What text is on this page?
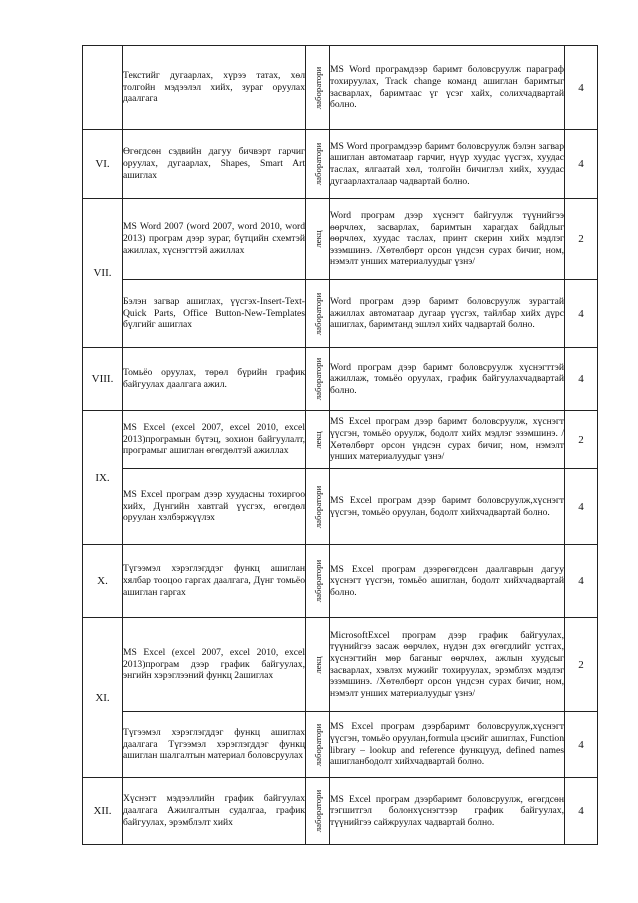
	Текстийг дугаарлах, хүрээ татах, хөл толгойн мэдээлэл хийх, зураг оруулах даалгага	лаборатори	MS Word програмдээр баримт боловсруулж параграф тохируулах, Track change команд ашиглан баримтыг засварлах, баримтаас үг үсэг хайх, солихчадвартай болно.	4
VI.	Өгөгдсөн сэдвийн дагуу бичвэрт гарчиг оруулах, дугаарлах, Shapes, Smart Art ашиглах	лаборатори	MS Word програмдээр баримт боловсруулж бэлэн загвар ашиглан автоматаар гарчиг, нүүр хуудас үүсгэх, хуудас таслах, ялгаатай хөл, толгойн бичиглэл хийх, хуудас дугаарлахталаар чадвартай болно.	4
VII.	MS Word 2007 (word 2007, word 2010, word 2013) програм дээр зураг, бүтцийн схемтэй ажиллах, хүснэгттэй ажиллах	лекц	Word програм дээр хүснэгт байгуулж түүнийгээ өөрчлөх, засварлах, баримтын харагдах байдлыг өөрчлөх, хуудас таслах, принт скерин хийх мэдлэг эзэмшинэ. /Хөтөлбөрт орсон үндсэн сурах бичиг, ном, нэмэлт унших материалуудыг үзнэ/	2
	Бэлэн загвар ашиглах, үүсгэх-Insert-Text-Quick Parts, Office Button-New-Templates бүлгийг ашиглах	лаборатори	Word програм дээр баримт боловсруулж зурагтай ажиллах автоматаар дугаар үүсгэх, тайлбар хийх дүрс ашиглах, баримтанд эшлэл хийх чадвартай болно.	4
VIII.	Томьёо оруулах, төрөл бүрийн график байгуулах даалгага ажил.	лаборатори	Word програм дээр баримт боловсруулж хүснэгттэй ажиллаж, томьёо оруулах, график байгуулахчадвартай болно.	4
IX.	MS Excel (excel 2007, excel 2010, excel 2013)програмын бүтэц, зохион байгуулалт, програмыг ашиглан өгөгдөлтэй ажиллах	лекц	MS Excel програм дээр баримт боловсруулж, хүснэгт үүсгэн, томьёо оруулж, бодолт хийх мэдлэг эзэмшинэ. /Хөтөлбөрт орсон үндсэн сурах бичиг, ном, нэмэлт унших материалуудыг үзнэ/	2
	MS Excel програм дээр хуудасны тохиргоо хийх, Дүнгийн хавтгай үүсгэх, өгөгдөл оруулан хэлбэржүүлэх	лаборатори	MS Excel програм дээр баримт боловсруулж,хүснэгт үүсгэн, томьёо оруулан, бодолт хийхчадвартай болно.	4
X.	Түгээмэл хэрэглэгддэг функц ашиглан хялбар тооцоо гаргах даалгага, Дүнг томьёо ашиглан гаргах	лаборатори	MS Excel програм дээрөгөгдсөн даалгаврын дагуу хүснэгт үүсгэн, томьёо ашиглан, бодолт хийхчадвартай болно.	4
XI.	MS Excel (excel 2007, excel 2010, excel 2013)програм дээр график байгуулах, энгийн хэрэглээний функц 2ашиглах	лекц	MicrosoftExcel програм дээр график байгуулах, түүнийгээ засаж өөрчлөх, нүдэн дэх өгөгдлийг устгах, хүснэгтийн мөр баганыг өөрчлөх, ажлын хуудсыг засварлах, хэвлэх мужийг тохируулах, эрэмблэх мэдлэг эзэмшинэ. /Хөтөлбөрт орсон үндсэн сурах бичиг, ном, нэмэлт унших материалуудыг үзнэ/	2
	Түгээмэл хэрэглэгддэг функц ашиглах даалгага Түгээмэл хэрэглэгддэг функц ашиглан шалгалтын материал боловсруулах	лаборатори	MS Excel програм дээрбаримт боловсруулж,хүснэгт үүсгэн, томьёо оруулан,formula цэсийг ашиглах, Function library – lookup and reference функцууд, defined names ашигланбодолт хийхчадвартай болно.	4
XII.	Хүснэгт мэдээллийн график байгуулах даалгага Ажилгалтын судалгаа, график байгуулах, эрэмблэлт хийх	лаборатори	MS Excel програм дээрбаримт боловсруулж, өгөгдсөн тэгшитгэл болонхүснэгтээр график байгуулах, түүнийгээ сайжруулах чадвартай болно.	4
